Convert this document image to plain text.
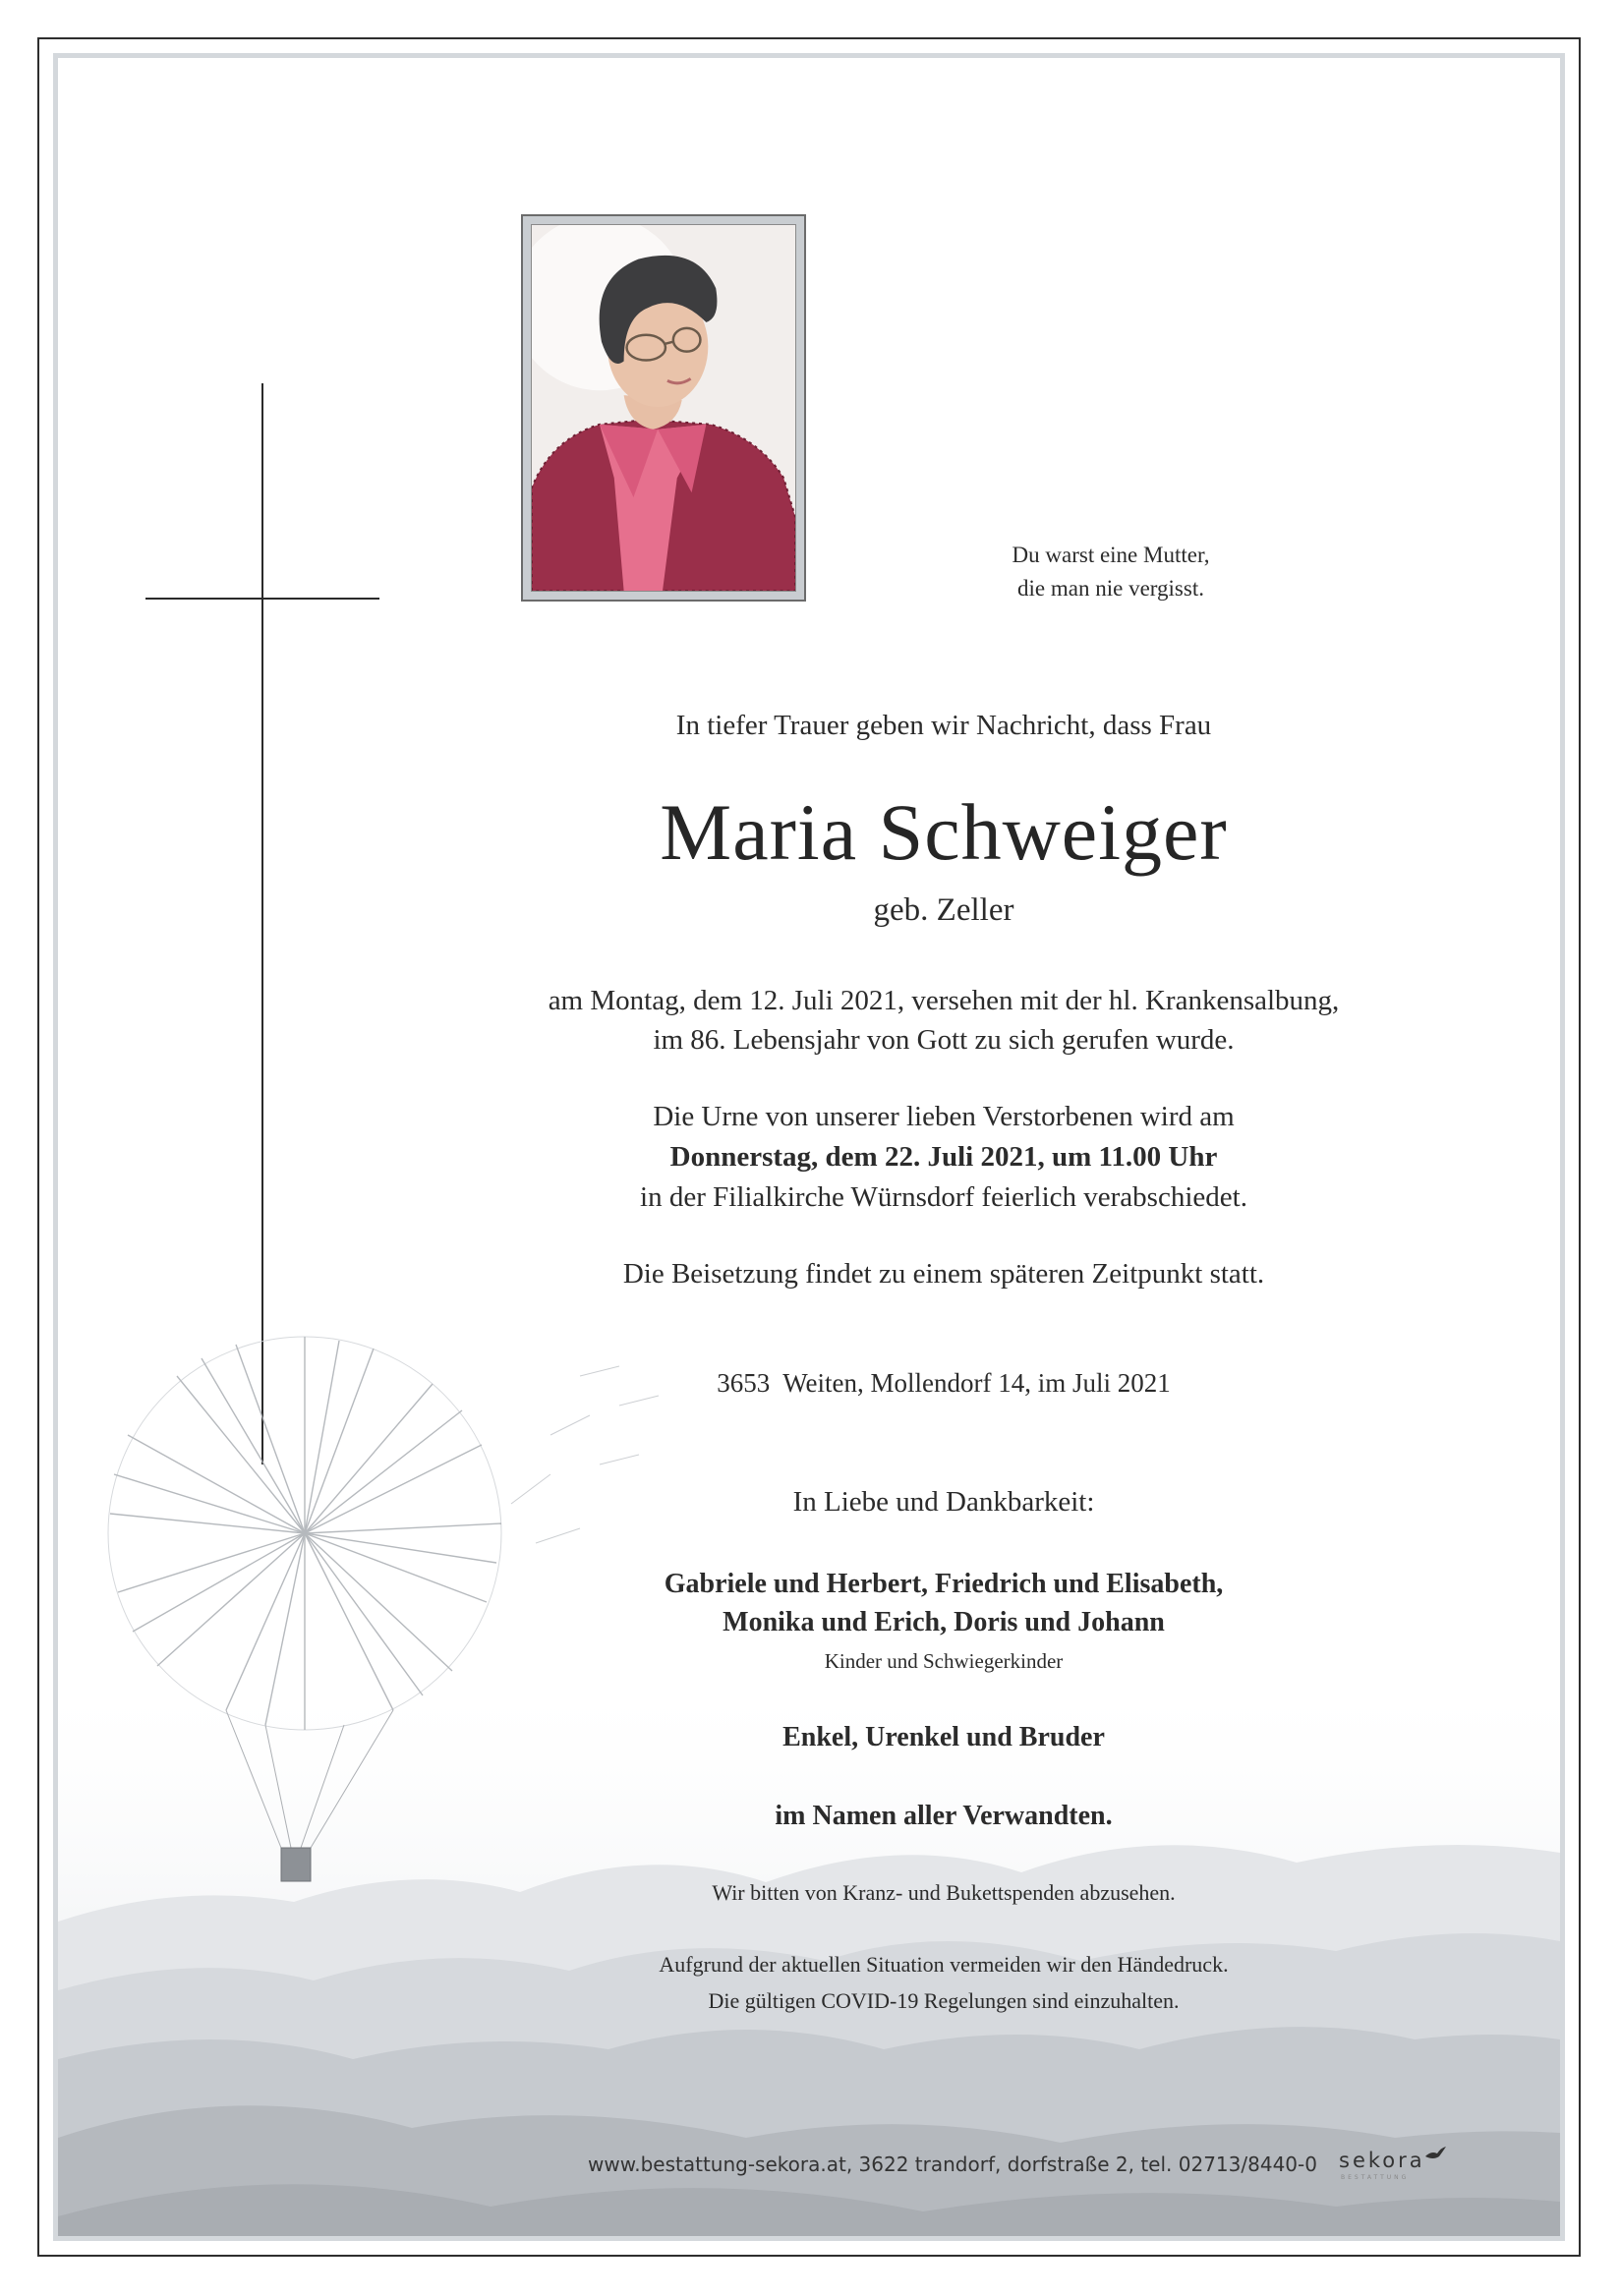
Du warst eine Mutter,
die man nie vergisst.
In tiefer Trauer geben wir Nachricht, dass Frau
Maria Schweiger
geb. Zeller
am Montag, dem 12. Juli 2021, versehen mit der hl. Krankensalbung,
im 86. Lebensjahr von Gott zu sich gerufen wurde.
Die Urne von unserer lieben Verstorbenen wird am
Donnerstag, dem 22. Juli 2021, um 11.00 Uhr
in der Filialkirche Würnsdorf feierlich verabschiedet.
Die Beisetzung findet zu einem späteren Zeitpunkt statt.
3653  Weiten, Mollendorf 14, im Juli 2021
In Liebe und Dankbarkeit:
Gabriele und Herbert, Friedrich und Elisabeth,
Monika und Erich, Doris und Johann
Kinder und Schwiegerkinder
Enkel, Urenkel und Bruder
im Namen aller Verwandten.
Wir bitten von Kranz- und Bukettspenden abzusehen.
Aufgrund der aktuellen Situation vermeiden wir den Händedruck.
Die gültigen COVID-19 Regelungen sind einzuhalten.
www.bestattung-sekora.at, 3622 trandorf, dorfstraße 2, tel. 02713/8440-0 sekora
BESTATTUNG
